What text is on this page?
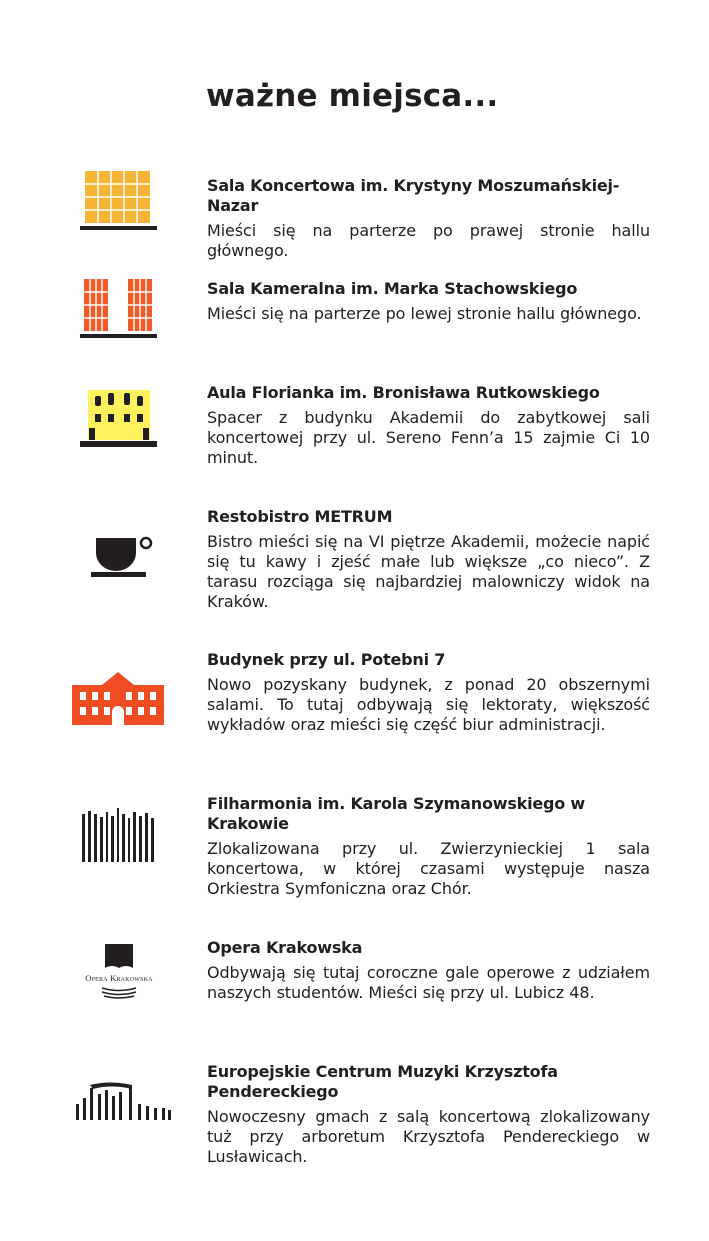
ważne miejsca...

Sala Koncertowa im. Krystyny Moszumańskiej-Nazar

Mieści się na parterze po prawej stronie hallu głównego.

Sala Kameralna im. Marka Stachowskiego

Mieści się na parterze po lewej stronie hallu głównego.

Aula Florianka im. Bronisława Rutkowskiego

Spacer z budynku Akademii do zabytkowej sali koncertowej przy ul. Sereno Fenn’a 15 zajmie Ci 10 minut.

Restobistro METRUM

Bistro mieści się na VI piętrze Akademii, możecie napić się tu kawy i zjeść małe lub większe „co nieco”. Z tarasu rozciąga się najbardziej malowniczy widok na Kraków.

Budynek przy ul. Potebni 7

Nowo pozyskany budynek, z ponad 20 obszernymi salami. To tutaj odbywają się lektoraty, większość wykładów oraz mieści się część biur administracji.

Filharmonia im. Karola Szymanowskiego w Krakowie

Zlokalizowana przy ul. Zwierzynieckiej 1 sala koncertowa, w której czasami występuje nasza Orkiestra Symfoniczna oraz Chór.

Opera Krakowska

Opera Krakowska

Odbywają się tutaj coroczne gale operowe z udziałem naszych studentów. Mieści się przy ul. Lubicz 48.

Europejskie Centrum Muzyki Krzysztofa Pendereckiego

Nowoczesny gmach z salą koncertową zlokalizowany tuż przy arboretum Krzysztofa Pendereckiego w Lusławicach.
